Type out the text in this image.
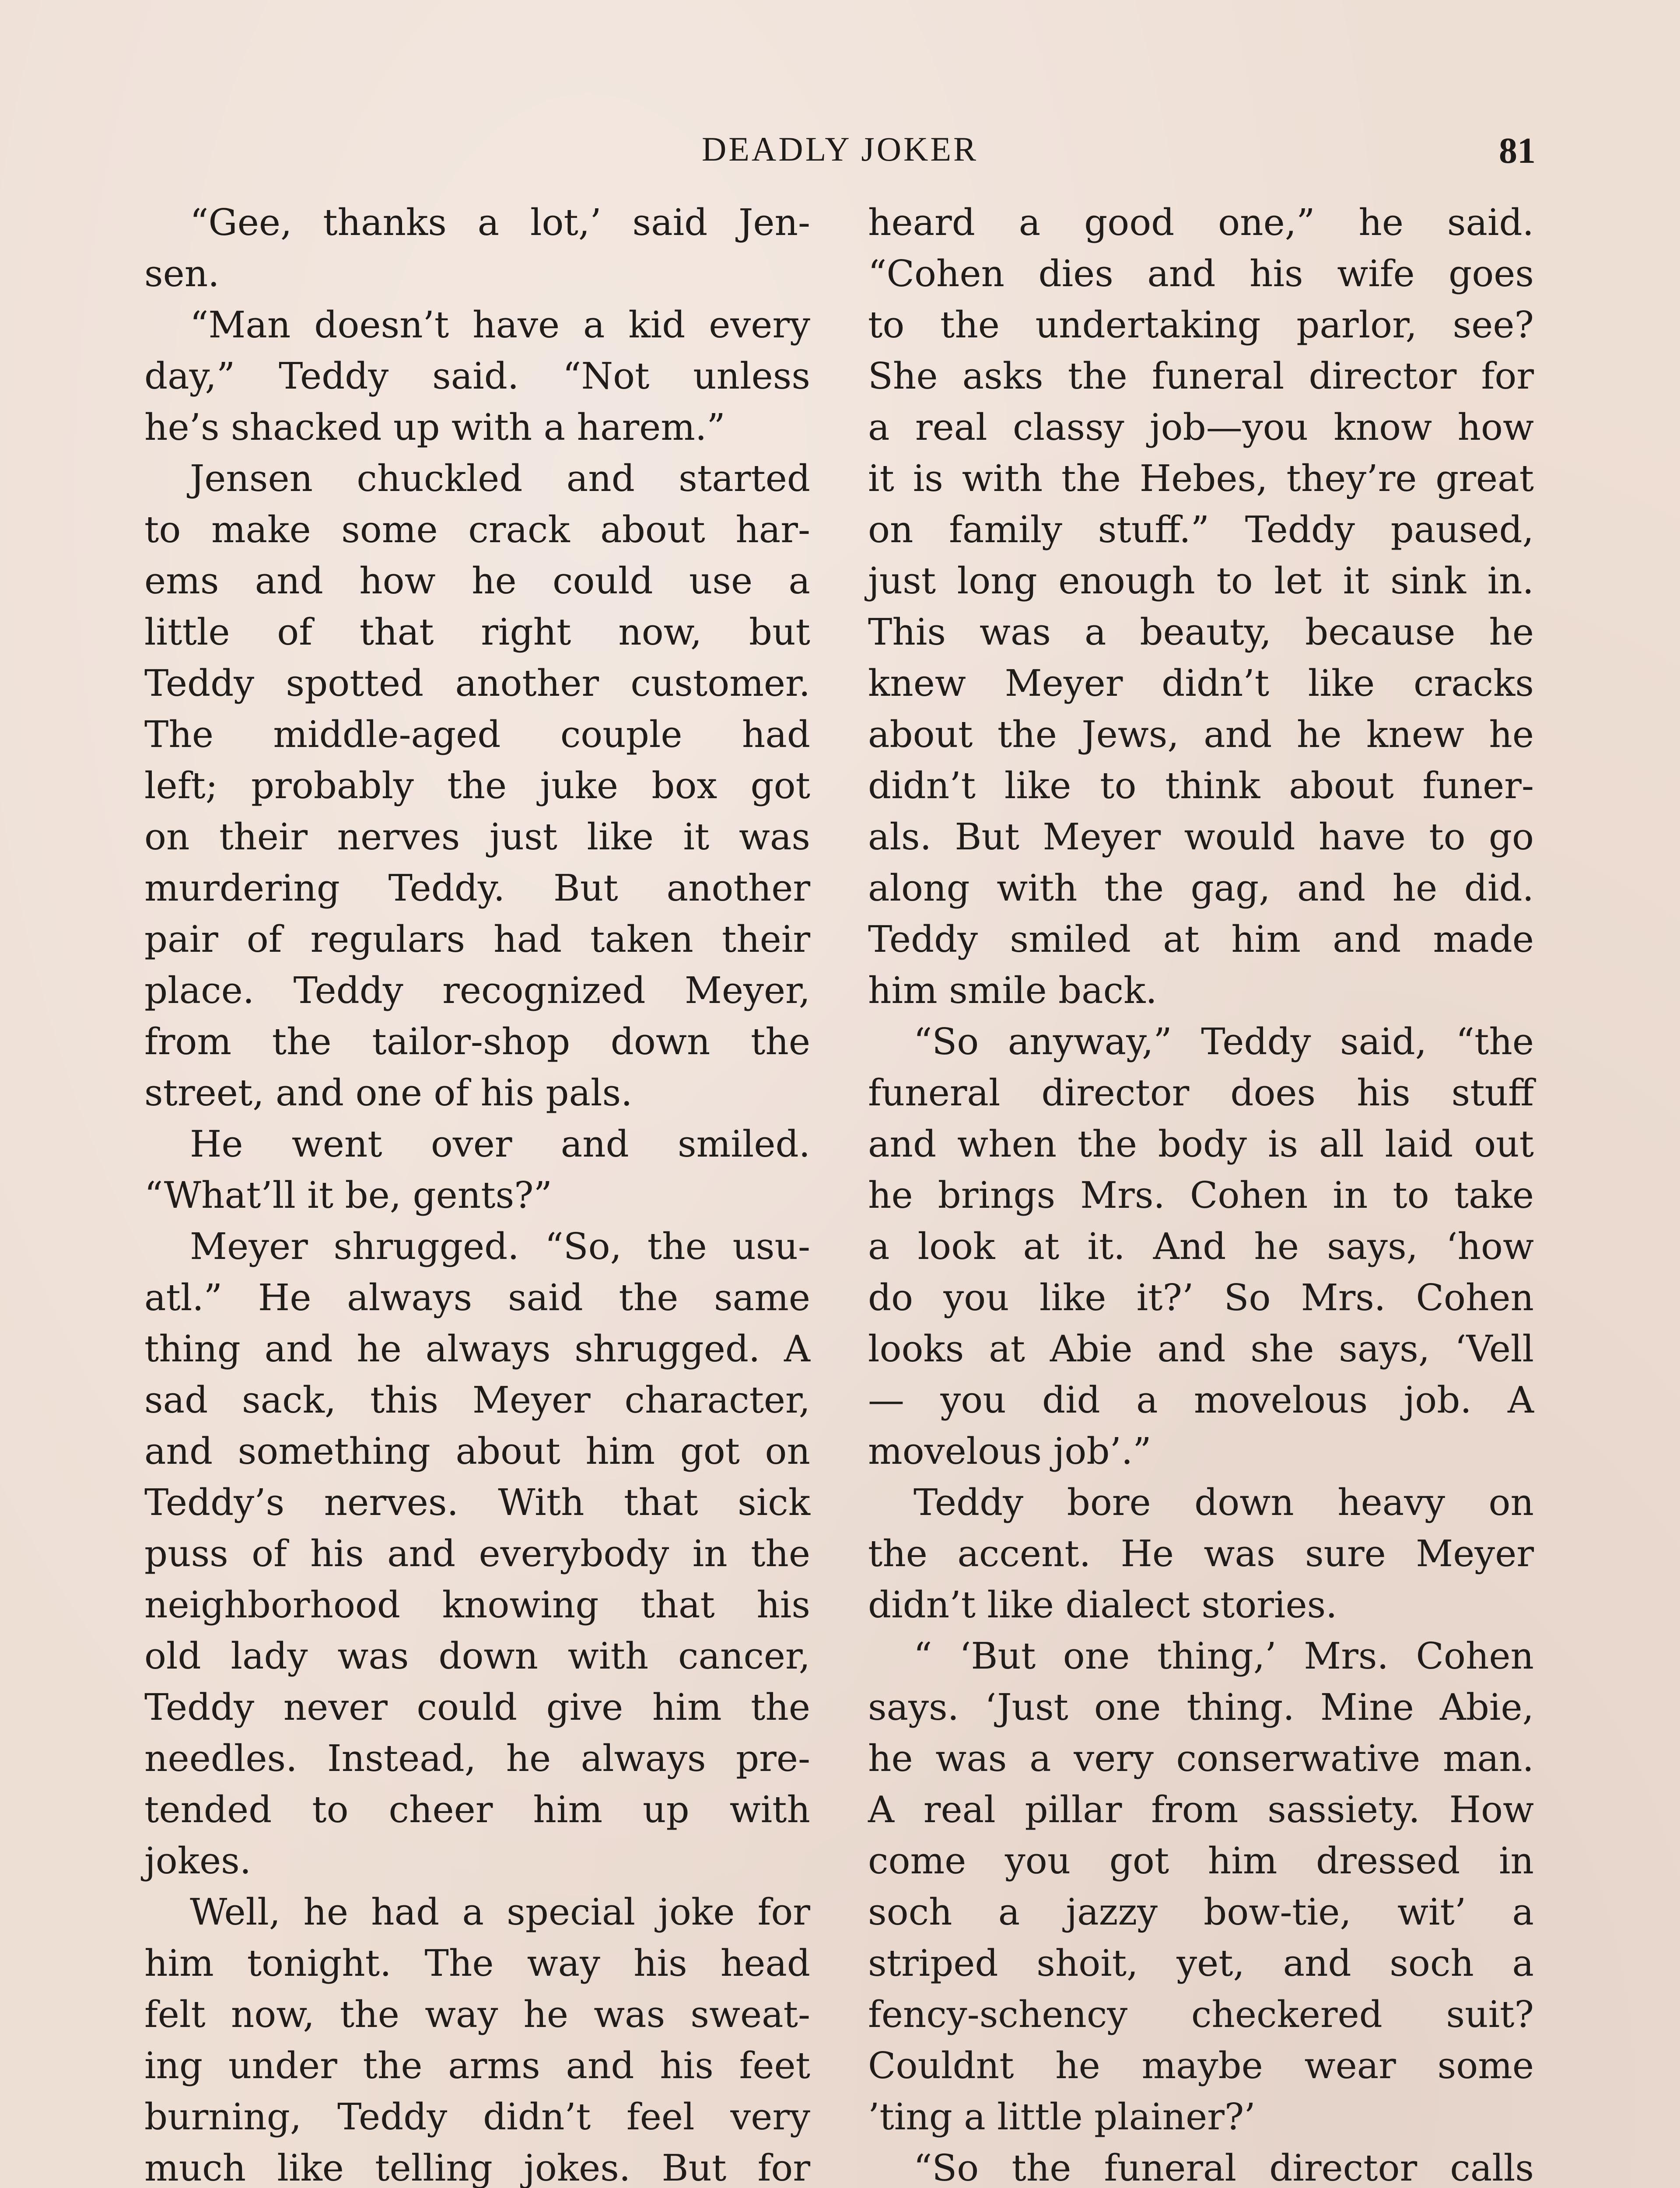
DEADLY JOKER	81
“Gee, thanks a lot,’ said Jen-
sen.
“Man doesn’t have a kid every
day,” Teddy said. “Not unless
he’s shacked up with a harem.”
Jensen chuckled and started
to make some crack about har-
ems and how he could use a
little of that right now, but
Teddy spotted another customer.
The middle-aged couple had
left; probably the juke box got
on their nerves just like it was
murdering Teddy. But another
pair of regulars had taken their
place. Teddy recognized Meyer,
from the tailor-shop down the
street, and one of his pals.
He went over and smiled.
“What’ll it be, gents?”
Meyer shrugged. “So, the usu-
atl.” He always said the same
thing and he always shrugged. A
sad sack, this Meyer character,
and something about him got on
Teddy’s nerves. With that sick
puss of his and everybody in the
neighborhood knowing that his
old lady was down with cancer,
Teddy never could give him the
needles. Instead, he always pre-
tended to cheer him up with
jokes.
Well, he had a special joke for
him tonight. The way his head
felt now, the way he was sweat-
ing under the arms and his feet
burning, Teddy didn’t feel very
much like telling jokes. But for
heard a good one,” he said.
“Cohen dies and his wife goes
to the undertaking parlor, see?
She asks the funeral director for
a real classy job—you know how
it is with the Hebes, they’re great
on family stuff.” Teddy paused,
just long enough to let it sink in.
This was a beauty, because he
knew Meyer didn’t like cracks
about the Jews, and he knew he
didn’t like to think about funer-
als. But Meyer would have to go
along with the gag, and he did.
Teddy smiled at him and made
him smile back.
“So anyway,” Teddy said, “the
funeral director does his stuff
and when the body is all laid out
he brings Mrs. Cohen in to take
a look at it. And he says, ‘how
do you like it?’ So Mrs. Cohen
looks at Abie and she says, ‘Vell
— you did a movelous job. A
movelous job’.”
Teddy bore down heavy on
the accent. He was sure Meyer
didn’t like dialect stories.
“ ‘But one thing,’ Mrs. Cohen
says. ‘Just one thing. Mine Abie,
he was a very conserwative man.
A real pillar from sassiety. How
come you got him dressed in
soch a jazzy bow-tie, wit’ a
striped shoit, yet, and soch a
fency-schency checkered suit?
Couldnt he maybe wear some
’ting a little plainer?’
“So the funeral director calls
